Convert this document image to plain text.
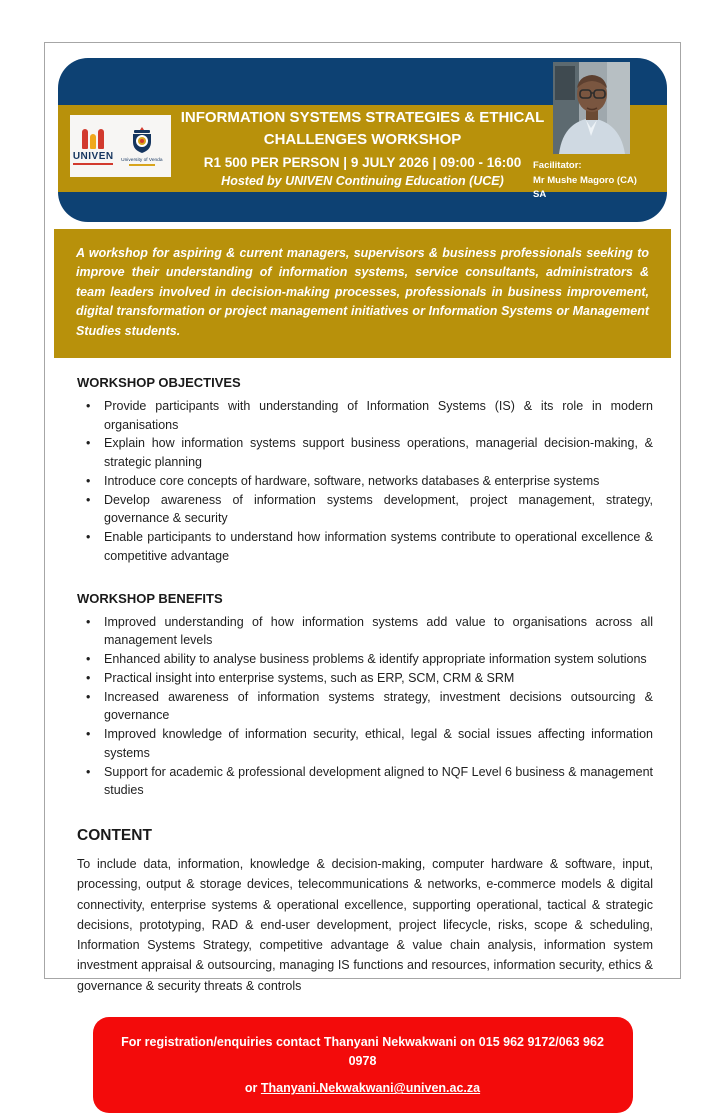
UNIVEN University of Venda
INFORMATION SYSTEMS STRATEGIES & ETHICAL CHALLENGES WORKSHOP
R1 500 PER PERSON | 9 JULY 2026 | 09:00 - 16:00
Hosted by UNIVEN Continuing Education (UCE)
Facilitator:
Mr Mushe Magoro (CA) SA
A workshop for aspiring & current managers, supervisors & business professionals seeking to improve their understanding of information systems, service consultants, administrators & team leaders involved in decision-making processes, professionals in business improvement, digital transformation or project management initiatives or Information Systems or Management Studies students.
WORKSHOP OBJECTIVES
• Provide participants with understanding of Information Systems (IS) & its role in modern organisations
• Explain how information systems support business operations, managerial decision-making, & strategic planning
• Introduce core concepts of hardware, software, networks databases & enterprise systems
• Develop awareness of information systems development, project management, strategy, governance & security
• Enable participants to understand how information systems contribute to operational excellence & competitive advantage
WORKSHOP BENEFITS
• Improved understanding of how information systems add value to organisations across all management levels
• Enhanced ability to analyse business problems & identify appropriate information system solutions
• Practical insight into enterprise systems, such as ERP, SCM, CRM & SRM
• Increased awareness of information systems strategy, investment decisions outsourcing & governance
• Improved knowledge of information security, ethical, legal & social issues affecting information systems
• Support for academic & professional development aligned to NQF Level 6 business & management studies
CONTENT
To include data, information, knowledge & decision-making, computer hardware & software, input, processing, output & storage devices, telecommunications & networks, e-commerce models & digital connectivity, enterprise systems & operational excellence, supporting operational, tactical & strategic decisions, prototyping, RAD & end-user development, project lifecycle, risks, scope & scheduling, Information Systems Strategy, competitive advantage & value chain analysis, information system investment appraisal & outsourcing, managing IS functions and resources, information security, ethics & governance & security threats & controls
For registration/enquiries contact Thanyani Nekwakwani on 015 962 9172/063 962 0978
or Thanyani.Nekwakwani@univen.ac.za
